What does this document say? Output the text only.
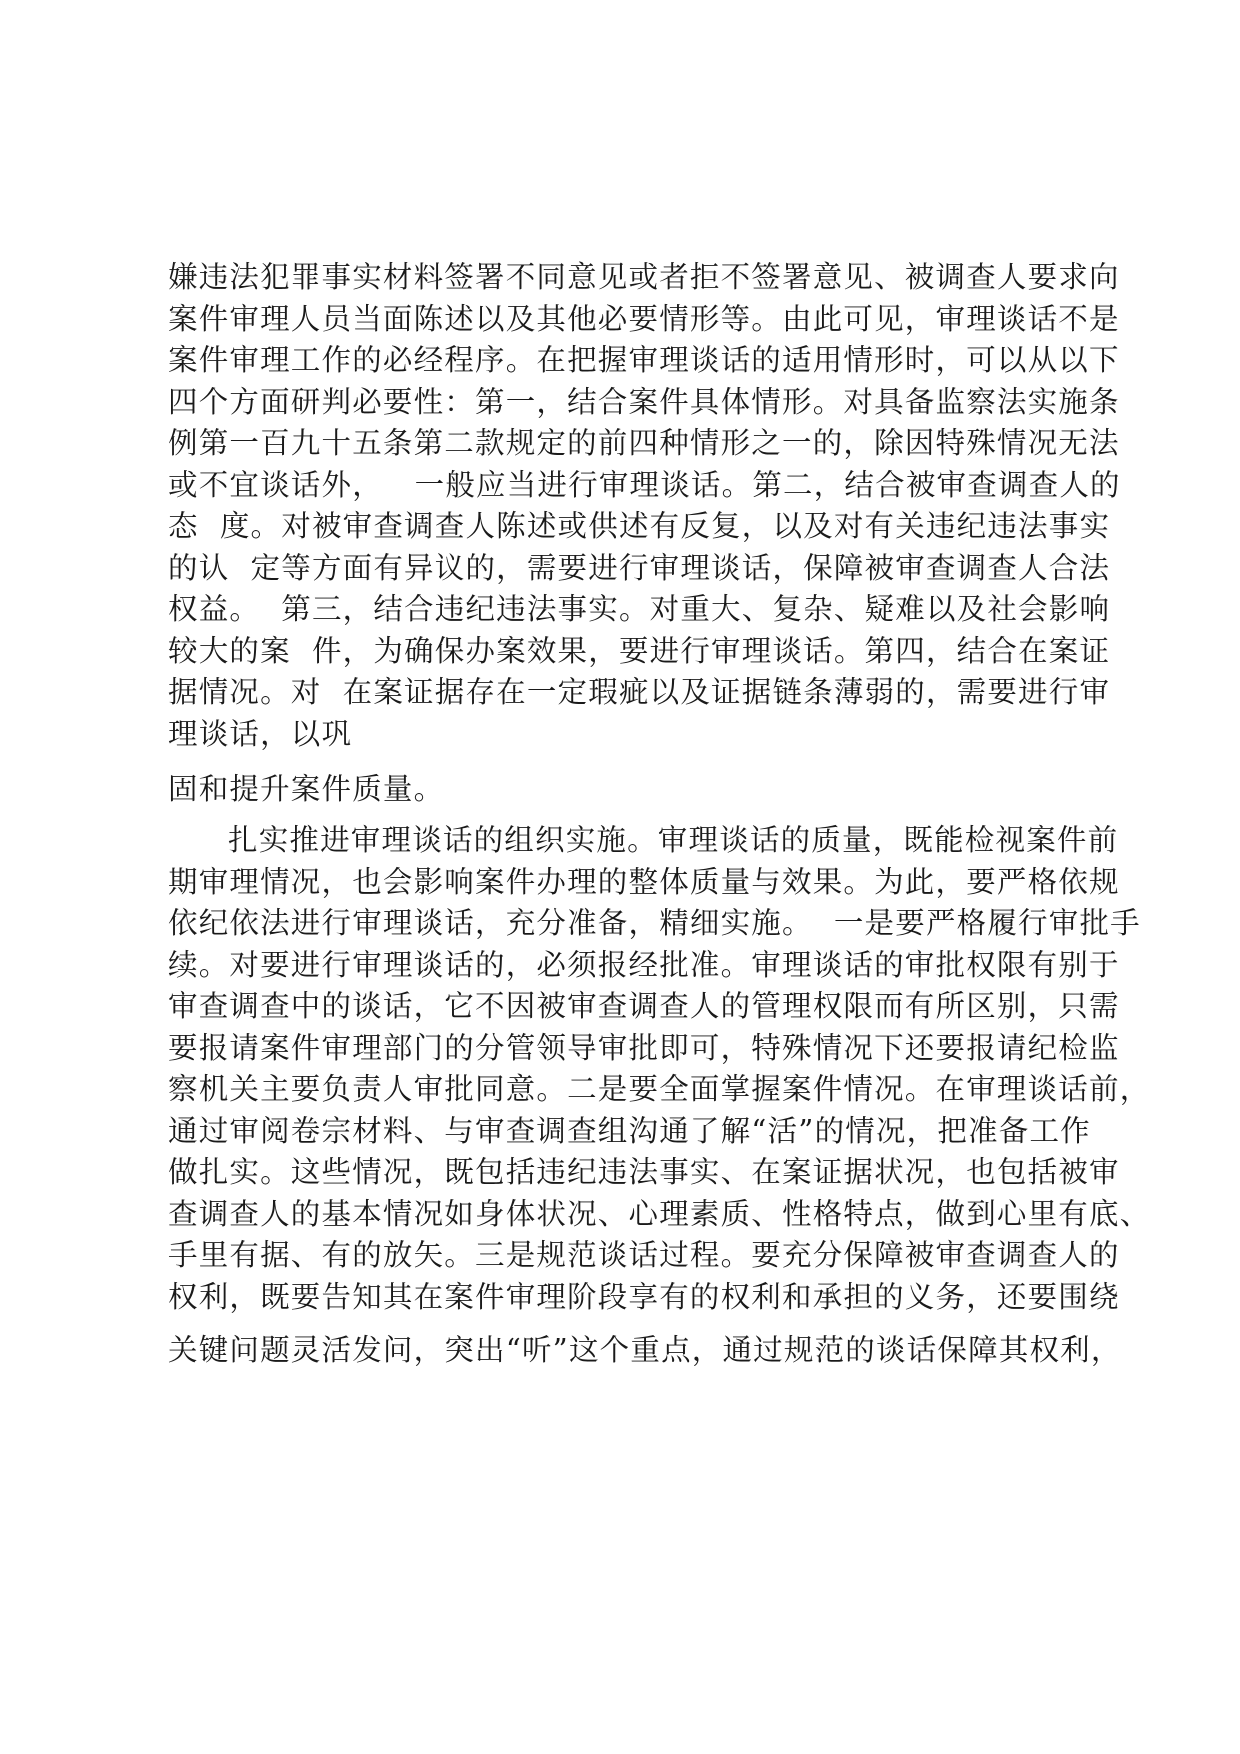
嫌违法犯罪事实材料签署不同意见或者拒不签署意见、被调查人要求向
案件审理人员当面陈述以及其他必要情形等。由此可见，审理谈话不是
案件审理工作的必经程序。在把握审理谈话的适用情形时，可以从以下
四个方面研判必要性：第一，结合案件具体情形。对具备监察法实施条
例第一百九十五条第二款规定的前四种情形之一的，除因特殊情况无法
或不宜谈话外，   一般应当进行审理谈话。第二，结合被审查调查人的
态  度。对被审查调查人陈述或供述有反复，以及对有关违纪违法事实
的认  定等方面有异议的，需要进行审理谈话，保障被审查调查人合法
权益。  第三，结合违纪违法事实。对重大、复杂、疑难以及社会影响
较大的案  件，为确保办案效果，要进行审理谈话。第四，结合在案证
据情况。对  在案证据存在一定瑕疵以及证据链条薄弱的，需要进行审
理谈话，以巩
固和提升案件质量。
扎实推进审理谈话的组织实施。审理谈话的质量，既能检视案件前
期审理情况，也会影响案件办理的整体质量与效果。为此，要严格依规
依纪依法进行审理谈话，充分准备，精细实施。  一是要严格履行审批手
续。对要进行审理谈话的，必须报经批准。审理谈话的审批权限有别于
审查调查中的谈话，它不因被审查调查人的管理权限而有所区别，只需
要报请案件审理部门的分管领导审批即可，特殊情况下还要报请纪检监
察机关主要负责人审批同意。二是要全面掌握案件情况。在审理谈话前，
通过审阅卷宗材料、与审查调查组沟通了解“活”的情况，把准备工作
做扎实。这些情况，既包括违纪违法事实、在案证据状况，也包括被审
查调查人的基本情况如身体状况、心理素质、性格特点，做到心里有底、
手里有据、有的放矢。三是规范谈话过程。要充分保障被审查调查人的
权利，既要告知其在案件审理阶段享有的权利和承担的义务，还要围绕
关键问题灵活发问，突出“听”这个重点，通过规范的谈话保障其权利，
